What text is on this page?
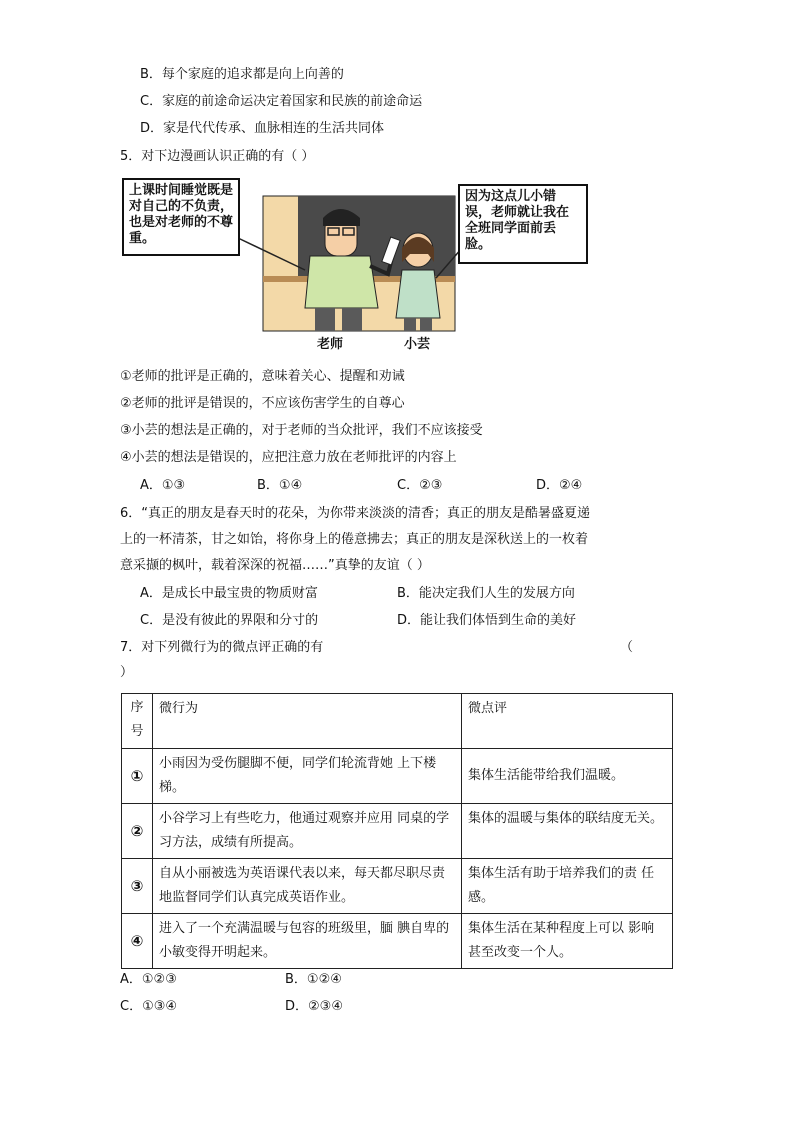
B．每个家庭的追求都是向上向善的
C．家庭的前途命运决定着国家和民族的前途命运
D．家是代代传承、血脉相连的生活共同体
5．对下边漫画认识正确的有（ ）
上课时间睡觉既是对自己的不负责，也是对老师的不尊重。
因为这点儿小错误，老师就让我在全班同学面前丢脸。
老师	小芸
①老师的批评是正确的，意味着关心、提醒和劝诫
②老师的批评是错误的，不应该伤害学生的自尊心
③小芸的想法是正确的，对于老师的当众批评，我们不应该接受
④小芸的想法是错误的，应把注意力放在老师批评的内容上
A．①③	B．①④	C．②③	D．②④
6．“真正的朋友是春天时的花朵，为你带来淡淡的清香；真正的朋友是酷暑盛夏递
上的一杯清茶，甘之如饴，将你身上的倦意拂去；真正的朋友是深秋送上的一枚着
意采撷的枫叶，载着深深的祝福……”真挚的友谊（ ）
A．是成长中最宝贵的物质财富	B．能决定我们人生的发展方向
C．是没有彼此的界限和分寸的	D．能让我们体悟到生命的美好
7．对下列微行为的微点评正确的有	（
）
序号	微行为	微点评
①	小雨因为受伤腿脚不便，同学们轮流背她 上下楼梯。	集体生活能带给我们温暖。
②	小谷学习上有些吃力，他通过观察并应用 同桌的学习方法，成绩有所提高。	集体的温暖与集体的联结度无关。
③	自从小丽被选为英语课代表以来，每天都尽职尽责地监督同学们认真完成英语作业。	集体生活有助于培养我们的责 任感。
④	进入了一个充满温暖与包容的班级里，腼 腆自卑的小敏变得开明起来。	集体生活在某种程度上可以 影响甚至改变一个人。
A．①②③	B．①②④
C．①③④	D．②③④
